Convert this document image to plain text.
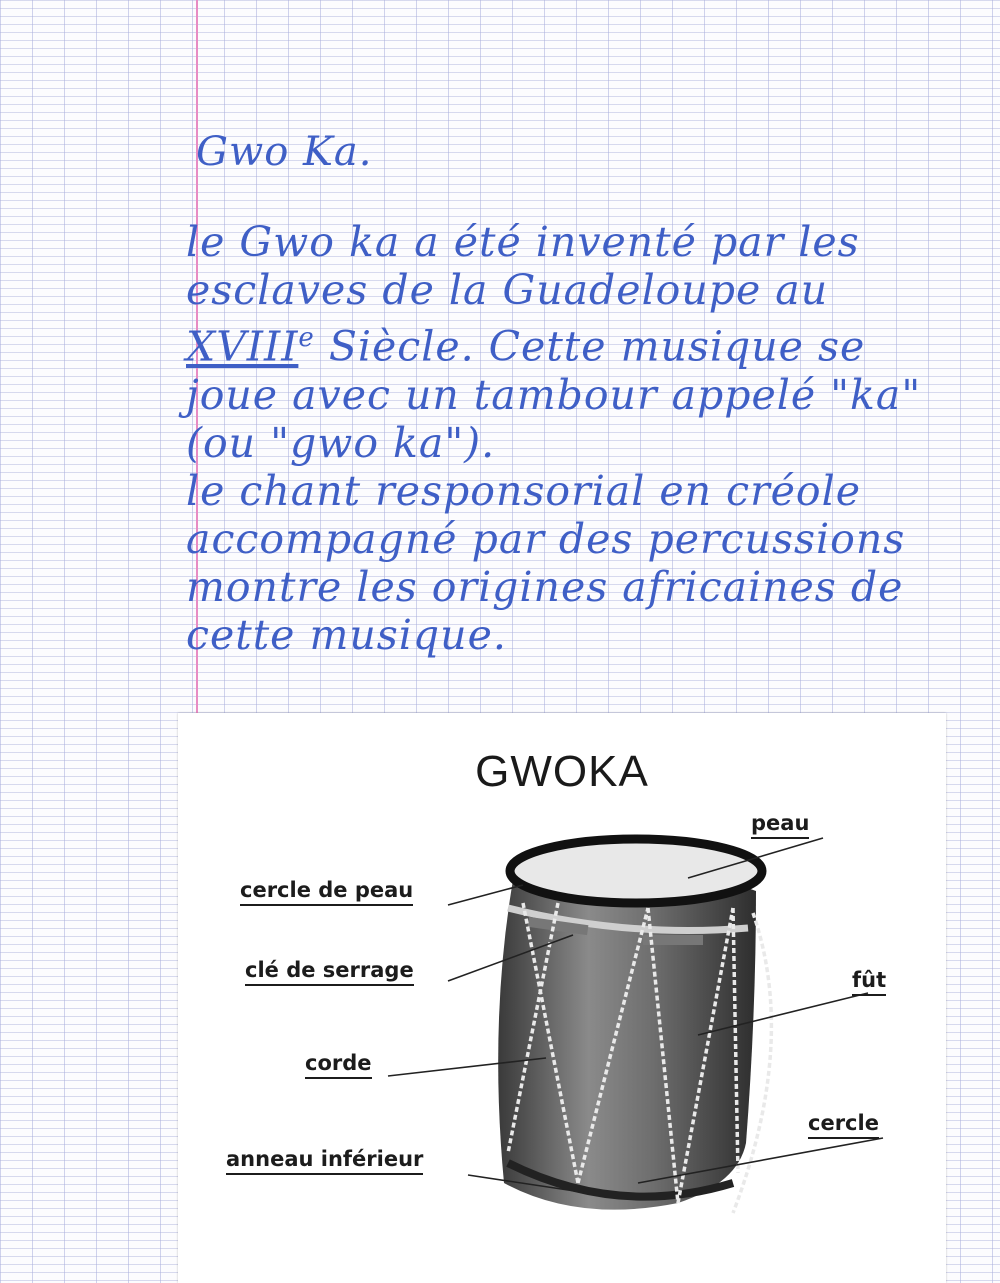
Gwo Ka.
le Gwo ka a été inventé par les
esclaves de la Guadeloupe au
XVIIIe Siècle. Cette musique se
joue avec un tambour appelé "ka"
(ou "gwo ka").
le chant responsorial en créole
accompagné par des percussions
montre les origines africaines de
cette musique.
GWOKA
peau
cercle de peau
clé de serrage	fût
corde
cercle
anneau inférieur
